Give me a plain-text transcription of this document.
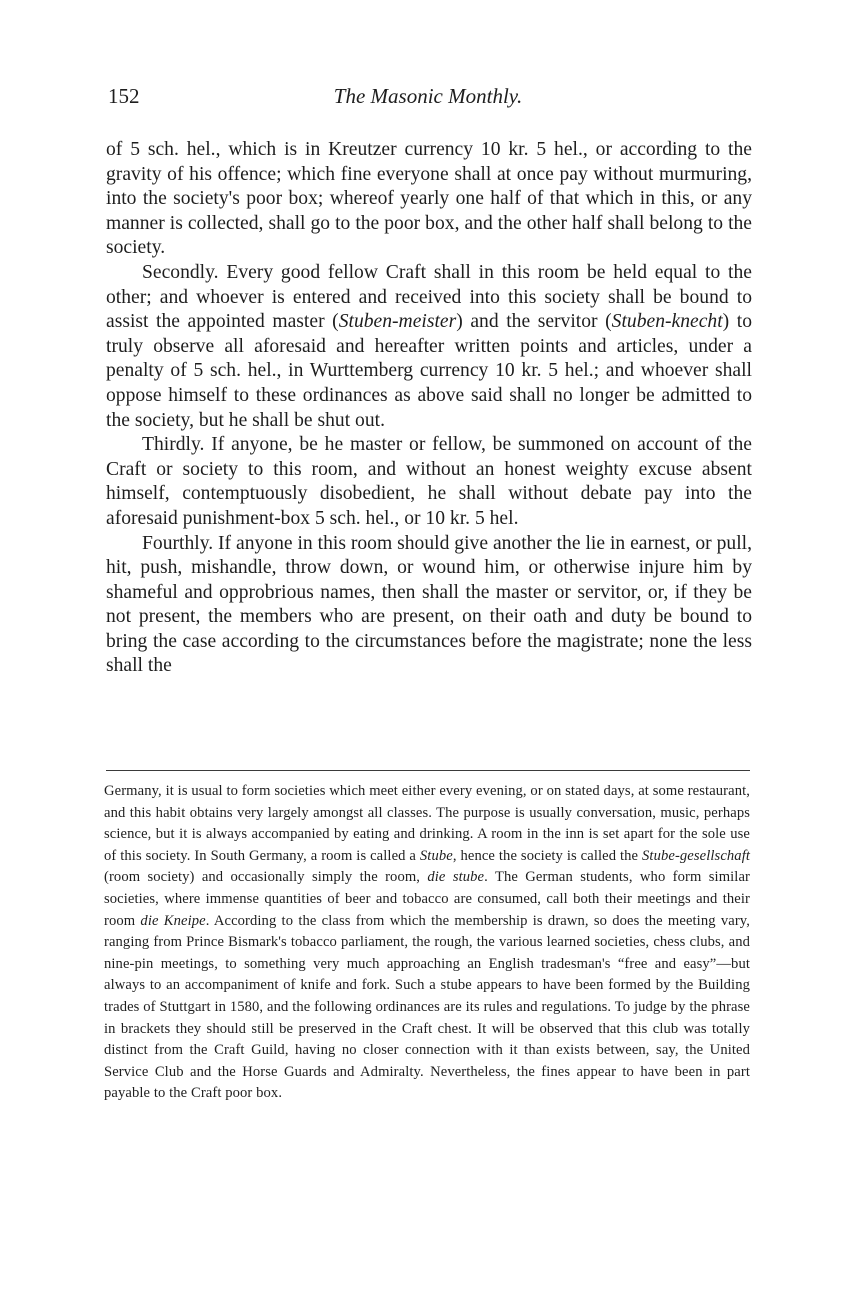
152	The Masonic Monthly.

of 5 sch. hel., which is in Kreutzer currency 10 kr. 5 hel., or according to the gravity of his offence; which fine everyone shall at once pay without murmuring, into the society's poor box; whereof yearly one half of that which in this, or any manner is collected, shall go to the poor box, and the other half shall belong to the society.

Secondly. Every good fellow Craft shall in this room be held equal to the other; and whoever is entered and received into this society shall be bound to assist the appointed master (Stuben-meister) and the servitor (Stuben-knecht) to truly observe all aforesaid and hereafter written points and articles, under a penalty of 5 sch. hel., in Wurttemberg currency 10 kr. 5 hel.; and whoever shall oppose himself to these ordinances as above said shall no longer be admitted to the society, but he shall be shut out.

Thirdly. If anyone, be he master or fellow, be summoned on account of the Craft or society to this room, and without an honest weighty excuse absent himself, contemptuously disobedient, he shall without debate pay into the aforesaid punishment-box 5 sch. hel., or 10 kr. 5 hel.

Fourthly. If anyone in this room should give another the lie in earnest, or pull, hit, push, mishandle, throw down, or wound him, or otherwise injure him by shameful and opprobrious names, then shall the master or servitor, or, if they be not present, the members who are present, on their oath and duty be bound to bring the case according to the circumstances before the magistrate; none the less shall the

Germany, it is usual to form societies which meet either every evening, or on stated days, at some restaurant, and this habit obtains very largely amongst all classes. The purpose is usually conversation, music, perhaps science, but it is always accompanied by eating and drinking. A room in the inn is set apart for the sole use of this society. In South Germany, a room is called a Stube, hence the society is called the Stube-gesellschaft (room society) and occasionally simply the room, die stube. The German students, who form similar societies, where immense quantities of beer and tobacco are consumed, call both their meetings and their room die Kneipe. According to the class from which the membership is drawn, so does the meeting vary, ranging from Prince Bismark's tobacco parliament, the rough, the various learned societies, chess clubs, and nine-pin meetings, to something very much approaching an English tradesman's “free and easy”—but always to an accompaniment of knife and fork. Such a stube appears to have been formed by the Building trades of Stuttgart in 1580, and the following ordinances are its rules and regulations. To judge by the phrase in brackets they should still be preserved in the Craft chest. It will be observed that this club was totally distinct from the Craft Guild, having no closer connection with it than exists between, say, the United Service Club and the Horse Guards and Admiralty. Nevertheless, the fines appear to have been in part payable to the Craft poor box.
